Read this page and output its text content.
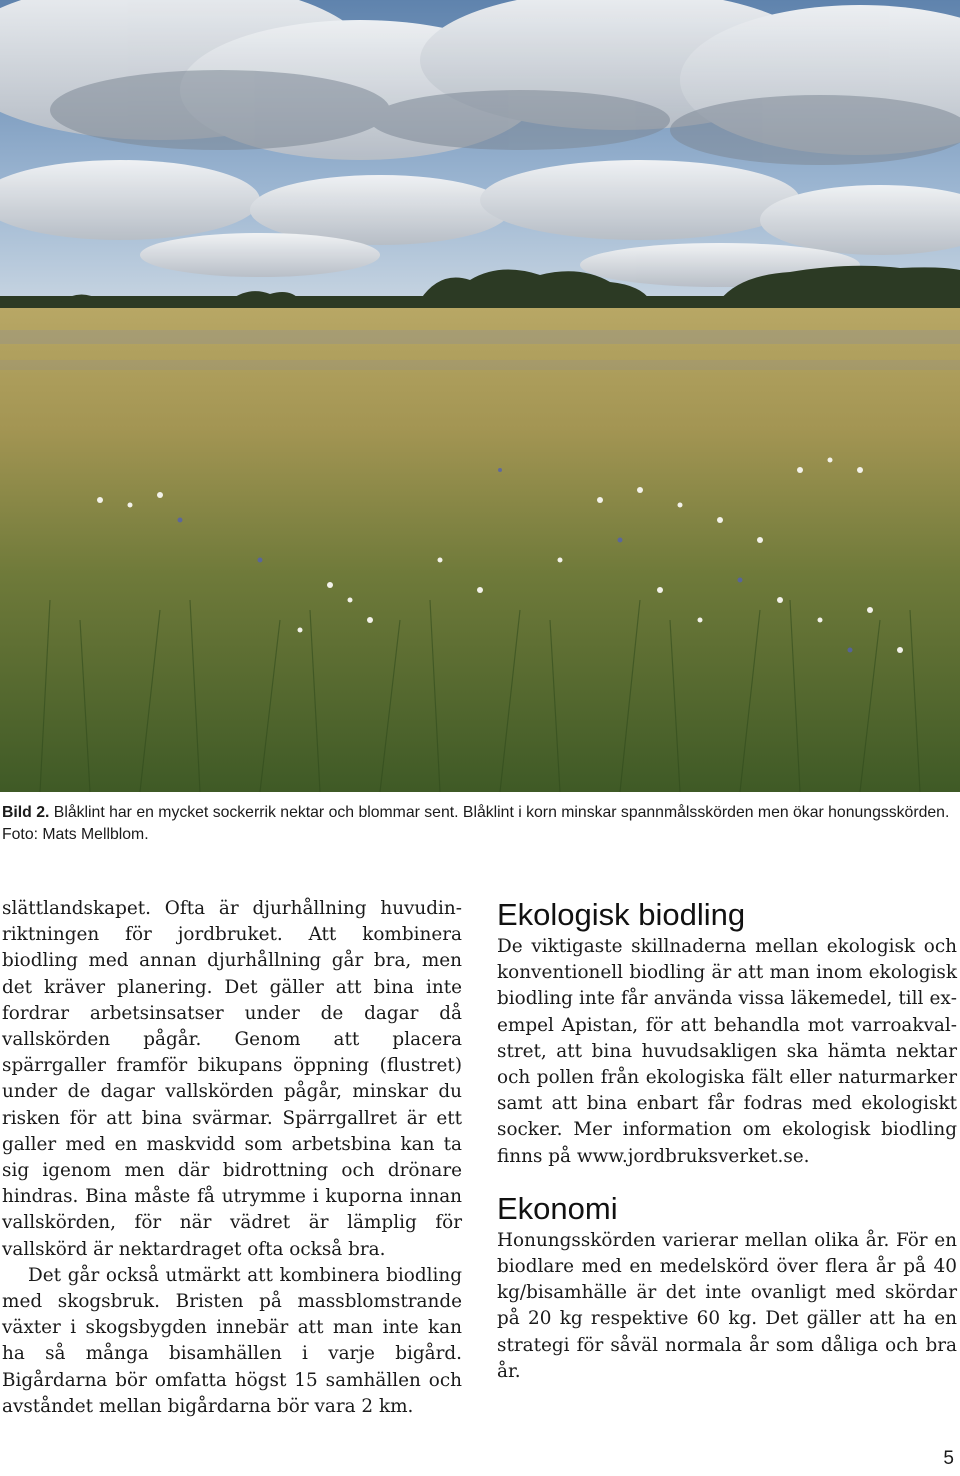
Bild 2. Blåklint har en mycket sockerrik nektar och blommar sent. Blåklint i korn minskar spannmålsskörden men ökar honungsskörden. Foto: Mats Mellblom.

slättlandskapet. Ofta är djurhållning huvudinriktningen för jordbruket. Att kombinera biodling med annan djurhållning går bra, men det kräver planering. Det gäller att bina inte fordrar arbetsinsatser under de dagar då vallskörden pågår. Genom att placera spärrgaller framför bikupans öppning (flustret) under de dagar vallskörden pågår, minskar du risken för att bina svärmar. Spärrgallret är ett galler med en maskvidd som arbetsbina kan ta sig igenom men där bidrottning och drönare hindras. Bina måste få utrymme i kuporna innan vallskörden, för när vädret är lämplig för vallskörd är nektardraget ofta också bra.

Det går också utmärkt att kombinera biodling med skogsbruk. Bristen på massblomstrande växter i skogsbygden innebär att man inte kan ha så många bisamhällen i varje bigård. Bigårdarna bör omfatta högst 15 samhällen och avståndet mellan bigårdarna bör vara 2 km.

Ekologisk biodling

De viktigaste skillnaderna mellan ekologisk och konventionell biodling är att man inom ekologisk biodling inte får använda vissa läkemedel, till exempel Apistan, för att behandla mot varroakvalstret, att bina huvudsakligen ska hämta nektar och pollen från ekologiska fält eller naturmarker samt att bina enbart får fodras med ekologiskt socker. Mer information om ekologisk biodling finns på www.jordbruksverket.se.

Ekonomi

Honungsskörden varierar mellan olika år. För en biodlare med en medelskörd över flera år på 40 kg/bisamhälle är det inte ovanligt med skördar på 20 kg respektive 60 kg. Det gäller att ha en strategi för såväl normala år som dåliga och bra år.

5
